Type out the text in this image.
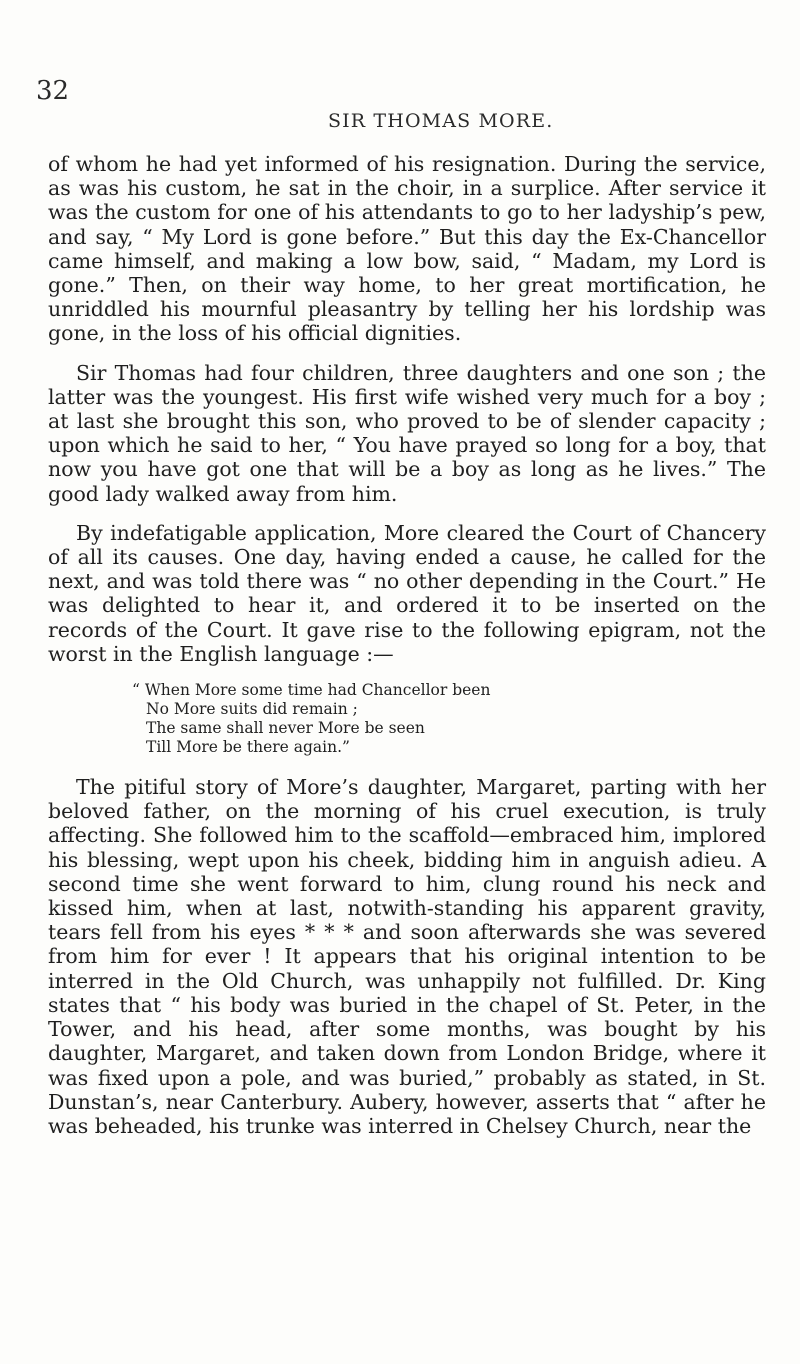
32
SIR THOMAS MORE.

of whom he had yet informed of his resignation. During the service, as was his custom, he sat in the choir, in a surplice. After service it was the custom for one of his attendants to go to her ladyship’s pew, and say, “ My Lord is gone before.” But this day the Ex-Chancellor came himself, and making a low bow, said, “ Madam, my Lord is gone.” Then, on their way home, to her great mortification, he unriddled his mournful pleasantry by telling her his lordship was gone, in the loss of his official dignities.

Sir Thomas had four children, three daughters and one son ; the latter was the youngest. His first wife wished very much for a boy ; at last she brought this son, who proved to be of slender capacity ; upon which he said to her, “ You have prayed so long for a boy, that now you have got one that will be a boy as long as he lives.” The good lady walked away from him.

By indefatigable application, More cleared the Court of Chancery of all its causes. One day, having ended a cause, he called for the next, and was told there was “ no other depending in the Court.” He was delighted to hear it, and ordered it to be inserted on the records of the Court. It gave rise to the following epigram, not the worst in the English language :—

“ When More some time had Chancellor been
No More suits did remain ;
The same shall never More be seen
Till More be there again.”

The pitiful story of More’s daughter, Margaret, parting with her beloved father, on the morning of his cruel execution, is truly affecting. She followed him to the scaffold—embraced him, implored his blessing, wept upon his cheek, bidding him in anguish adieu. A second time she went forward to him, clung round his neck and kissed him, when at last, notwith-standing his apparent gravity, tears fell from his eyes * * * and soon afterwards she was severed from him for ever ! It appears that his original intention to be interred in the Old Church, was unhappily not fulfilled. Dr. King states that “ his body was buried in the chapel of St. Peter, in the Tower, and his head, after some months, was bought by his daughter, Margaret, and taken down from London Bridge, where it was fixed upon a pole, and was buried,” probably as stated, in St. Dunstan’s, near Canterbury. Aubery, however, asserts that “ after he was beheaded, his trunke was interred in Chelsey Church, near the
